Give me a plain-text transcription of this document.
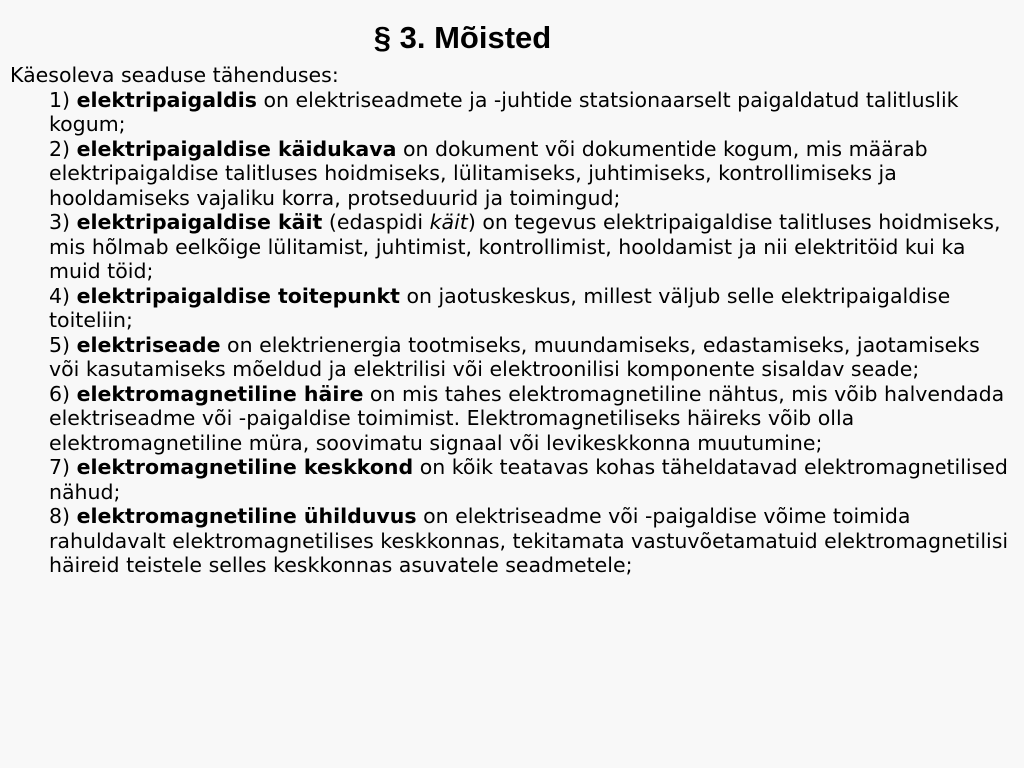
§ 3. Mõisted

Käesoleva seaduse tähenduses:

1) elektripaigaldis on elektriseadmete ja -juhtide statsionaarselt paigaldatud talitluslik kogum;
2) elektripaigaldise käidukava on dokument või dokumentide kogum, mis määrab elektripaigaldise talitluses hoidmiseks, lülitamiseks, juhtimiseks, kontrollimiseks ja hooldamiseks vajaliku korra, protseduurid ja toimingud;
3) elektripaigaldise käit (edaspidi käit) on tegevus elektripaigaldise talitluses hoidmiseks, mis hõlmab eelkõige lülitamist, juhtimist, kontrollimist, hooldamist ja nii elektritöid kui ka muid töid;
4) elektripaigaldise toitepunkt on jaotuskeskus, millest väljub selle elektripaigaldise toiteliin;
5) elektriseade on elektrienergia tootmiseks, muundamiseks, edastamiseks, jaotamiseks või kasutamiseks mõeldud ja elektrilisi või elektroonilisi komponente sisaldav seade;
6) elektromagnetiline häire on mis tahes elektromagnetiline nähtus, mis võib halvendada elektriseadme või -paigaldise toimimist. Elektromagnetiliseks häireks võib olla elektromagnetiline müra, soovimatu signaal või levikeskkonna muutumine;
7) elektromagnetiline keskkond on kõik teatavas kohas täheldatavad elektromagnetilised nähud;
8) elektromagnetiline ühilduvus on elektriseadme või -paigaldise võime toimida rahuldavalt elektromagnetilises keskkonnas, tekitamata vastuvõetamatuid elektromagnetilisi häireid teistele selles keskkonnas asuvatele seadmetele;
